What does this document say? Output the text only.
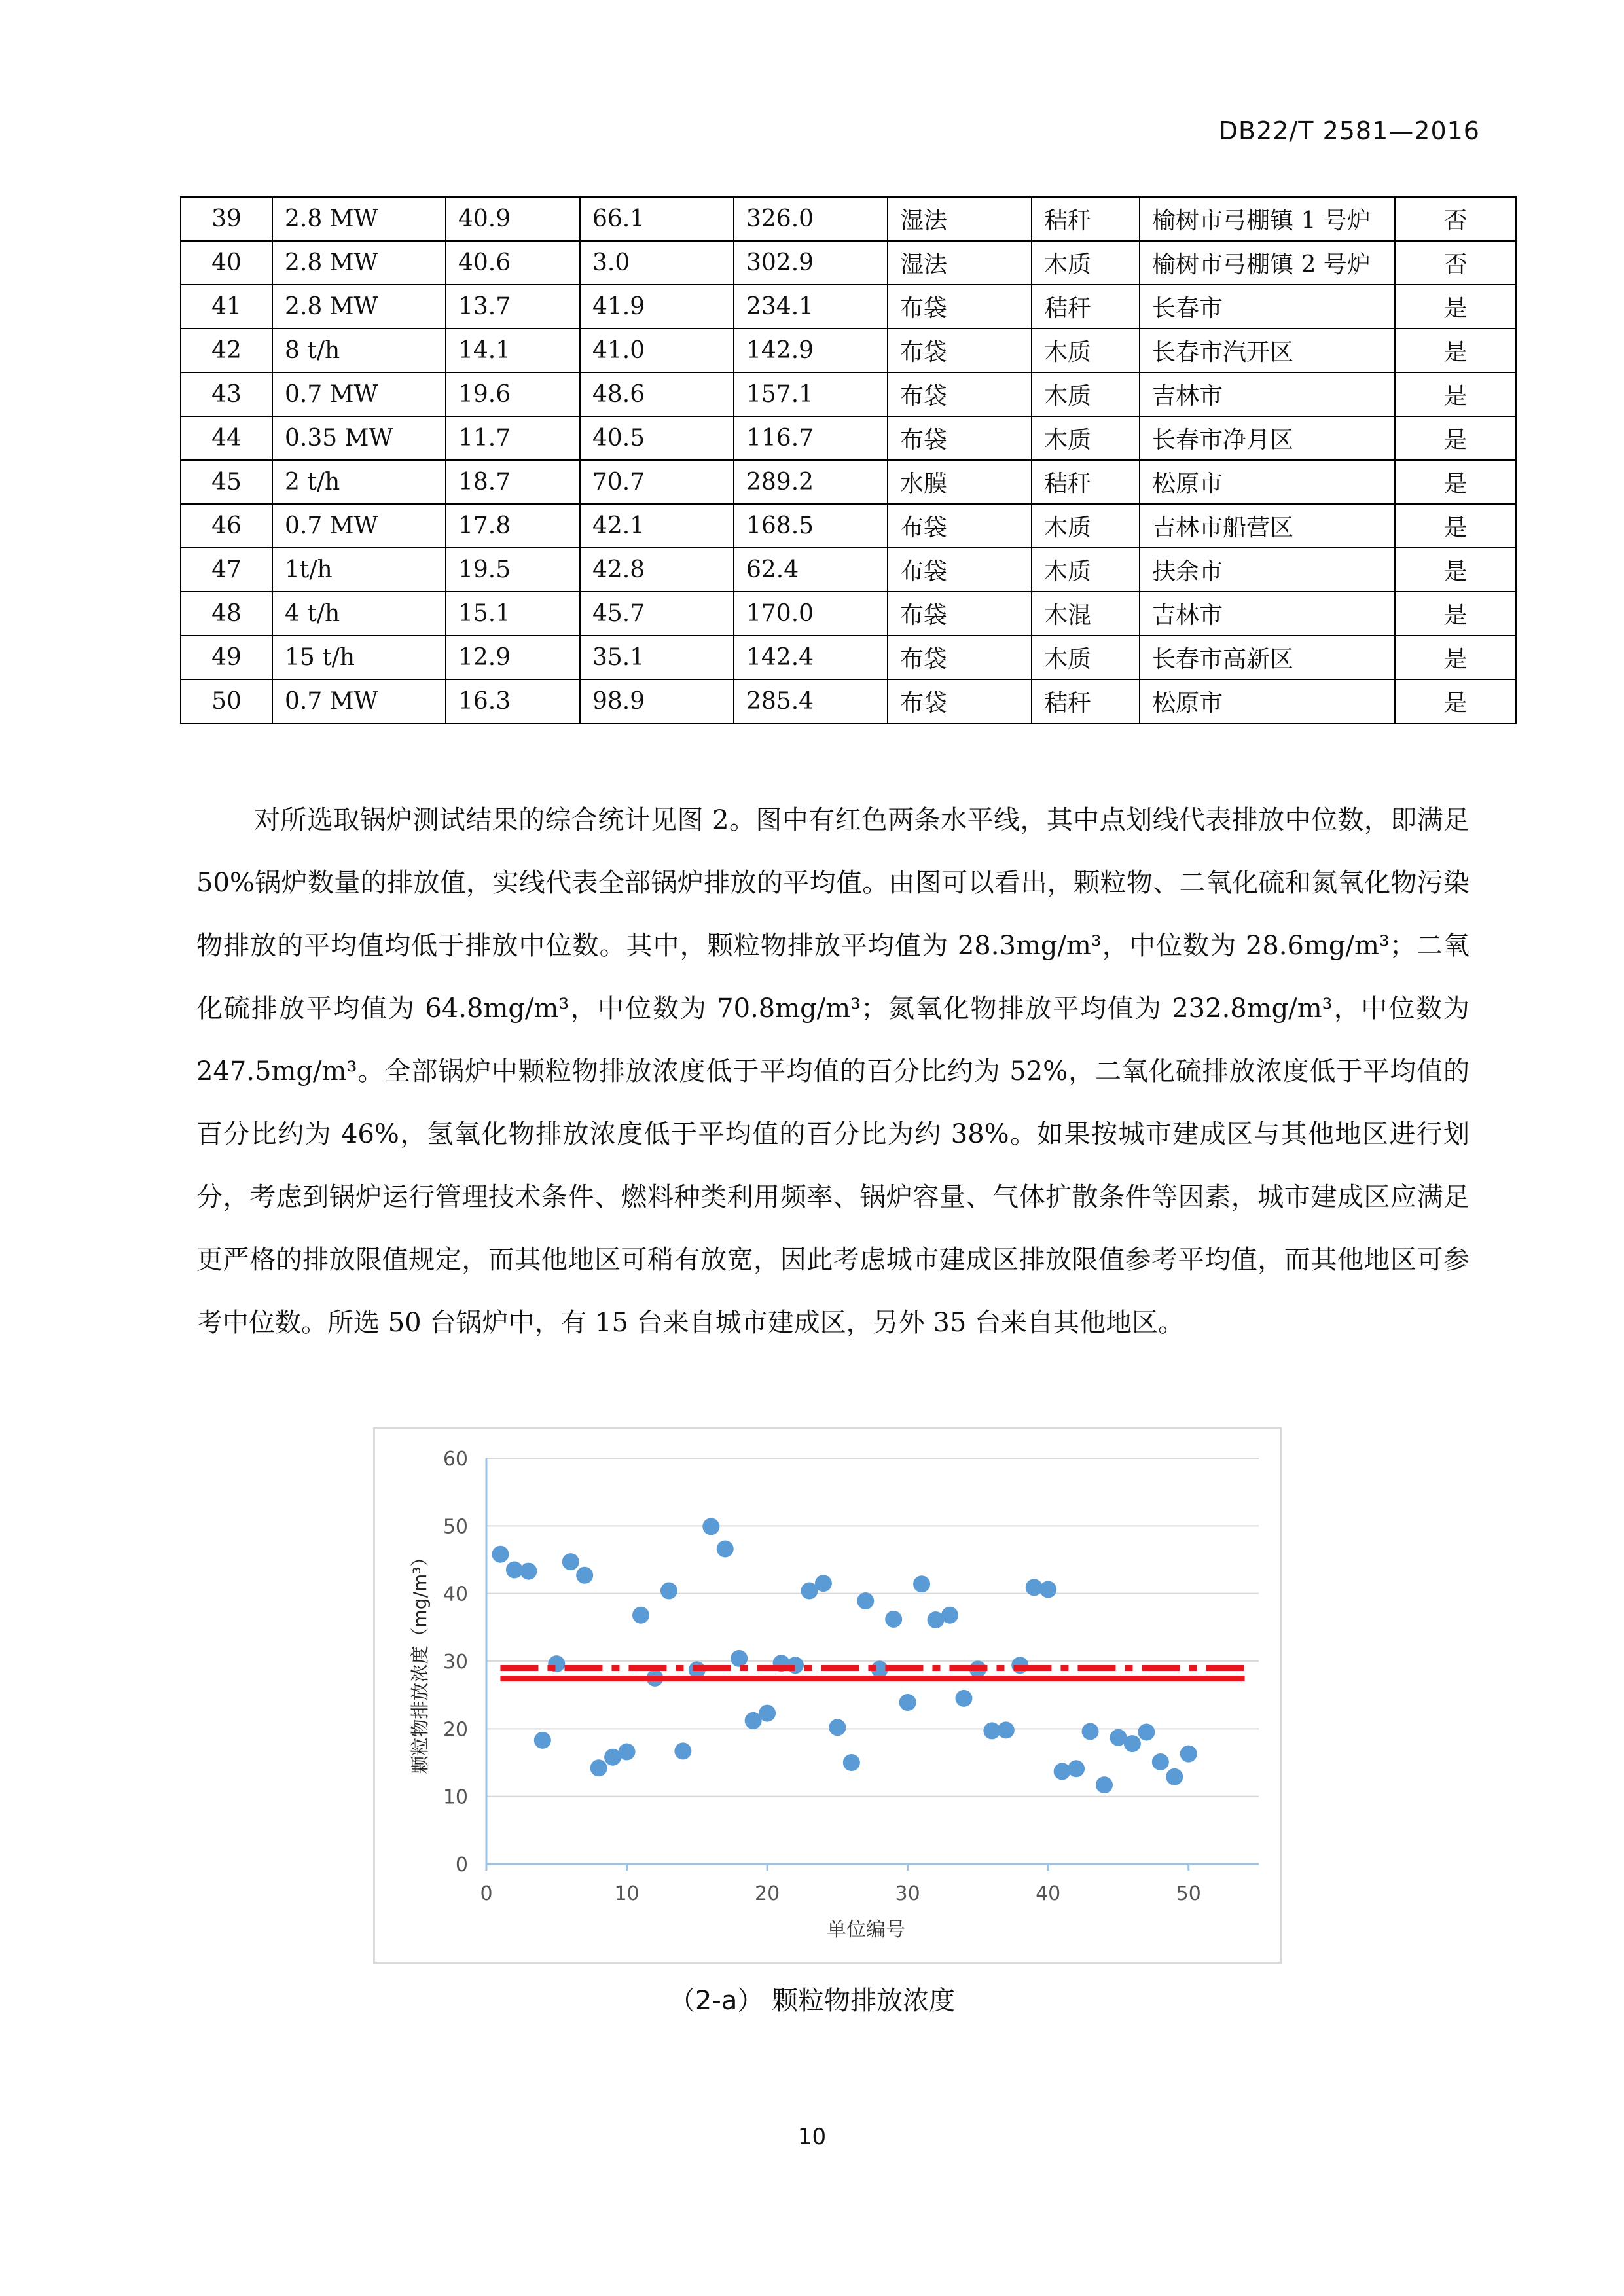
DB22/T 2581—2016
39	2.8 MW	40.9	66.1	326.0	湿法	秸秆	榆树市弓棚镇 1 号炉	否
40	2.8 MW	40.6	3.0	302.9	湿法	木质	榆树市弓棚镇 2 号炉	否
41	2.8 MW	13.7	41.9	234.1	布袋	秸秆	长春市	是
42	8 t/h	14.1	41.0	142.9	布袋	木质	长春市汽开区	是
43	0.7 MW	19.6	48.6	157.1	布袋	木质	吉林市	是
44	0.35 MW	11.7	40.5	116.7	布袋	木质	长春市净月区	是
45	2 t/h	18.7	70.7	289.2	水膜	秸秆	松原市	是
46	0.7 MW	17.8	42.1	168.5	布袋	木质	吉林市船营区	是
47	1t/h	19.5	42.8	62.4	布袋	木质	扶余市	是
48	4 t/h	15.1	45.7	170.0	布袋	木混	吉林市	是
49	15 t/h	12.9	35.1	142.4	布袋	木质	长春市高新区	是
50	0.7 MW	16.3	98.9	285.4	布袋	秸秆	松原市	是

对所选取锅炉测试结果的综合统计见图 2。图中有红色两条水平线，其中点划线代表排放中位数，即满足 50%锅炉数量的排放值，实线代表全部锅炉排放的平均值。由图可以看出，颗粒物、二氧化硫和氮氧化物污染物排放的平均值均低于排放中位数。其中，颗粒物排放平均值为 28.3mg/m³，中位数为 28.6mg/m³；二氧化硫排放平均值为 64.8mg/m³，中位数为 70.8mg/m³；氮氧化物排放平均值为 232.8mg/m³，中位数为 247.5mg/m³。全部锅炉中颗粒物排放浓度低于平均值的百分比约为 52%，二氧化硫排放浓度低于平均值的百分比约为 46%，氢氧化物排放浓度低于平均值的百分比为约 38%。如果按城市建成区与其他地区进行划分，考虑到锅炉运行管理技术条件、燃料种类利用频率、锅炉容量、气体扩散条件等因素，城市建成区应满足更严格的排放限值规定，而其他地区可稍有放宽，因此考虑城市建成区排放限值参考平均值，而其他地区可参考中位数。所选 50 台锅炉中，有 15 台来自城市建成区，另外 35 台来自其他地区。

0
10
20
30
40
50
60
0	10	20	30	40	50
颗粒物排放浓度（mg/m³）
单位编号
（2-a） 颗粒物排放浓度
10
